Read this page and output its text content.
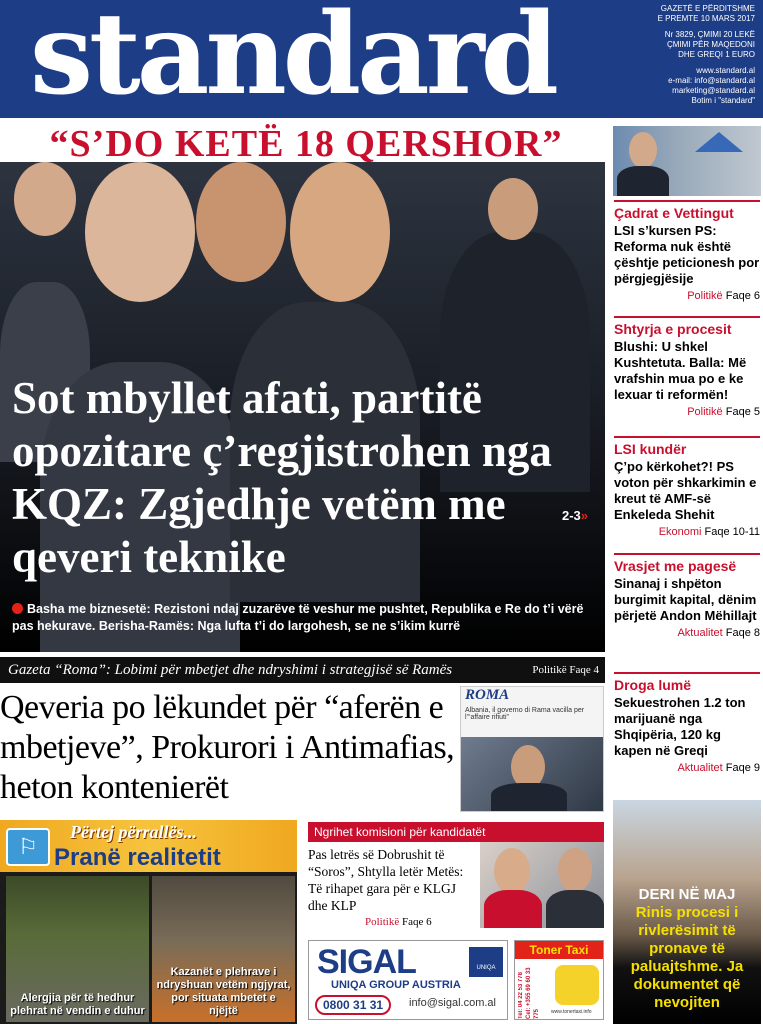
standard	GAZETË E PËRDITSHME
E PREMTE 10 MARS 2017
Nr 3829, ÇMIMI 20 LEKË
ÇMIMI PËR MAQEDONI
DHE GREQI 1 EURO
www.standard.al
e-mail: info@standard.al
marketing@standard.al
Botim i "standard"
“S’DO KETË 18 QERSHOR”
Sot mbyllet afati, partitë opozitare ç’regjistrohen nga KQZ: Zgjedhje vetëm me qeveri teknike
2-3»
Basha me biznesetë: Rezistoni ndaj zuzarëve të veshur me pushtet, Republika e Re do t’i vërë pas hekurave. Berisha-Ramës: Nga lufta t’i do largohesh, se ne s’ikim kurrë
Gazeta “Roma”: Lobimi për mbetjet dhe ndryshimi i strategjisë së Ramës	Politikë Faqe 4
Qeveria po lëkundet për “aferën e mbetjeve”, Prokurori i Antimafias, heton kontenierët
ROMA
Albania, il governo di Rama vacilla per l’“affaire rifiuti”
⚐
Përtej përrallës...
Pranë realitetit
Alergjia për të hedhur plehrat në vendin e duhur
Kazanët e plehrave i ndryshuan vetëm ngjyrat, por situata mbetet e njëjtë
Ngrihet komisioni për kandidatët
Pas letrës së Dobrushit të “Soros”, Shtylla letër Metës: Të rihapet gara për e KLGJ dhe KLP
Politikë Faqe 6
SIGAL	UNIQA
UNIQA GROUP AUSTRIA
0800 31 31	info@sigal.com.al
Toner Taxi
Tel: 04 22 53 778 Cel: +355 69 60 33 775	www.tonertaxi.info
Çadrat e Vettingut
LSI s’kursen PS: Reforma nuk është çështje peticionesh por përgjegjësije
Politikë Faqe 6
Shtyrja e procesit
Blushi: U shkel Kushtetuta. Balla: Më vrafshin mua po e ke lexuar ti reformën!
Politikë Faqe 5
LSI kundër
Ç’po kërkohet?! PS voton për shkarkimin e kreut të AMF-së Enkeleda Shehit
Ekonomi Faqe 10-11
Vrasjet me pagesë
Sinanaj i shpëton burgimit kapital, dënim përjetë Andon Mëhillajt
Aktualitet Faqe 8
Droga lumë
Sekuestrohen 1.2 ton marijuanë nga Shqipëria, 120 kg kapen në Greqi
Aktualitet Faqe 9
DERI NË MAJ
Rinis procesi i rivlerësimit të pronave të paluajtshme. Ja dokumentet që nevojiten
